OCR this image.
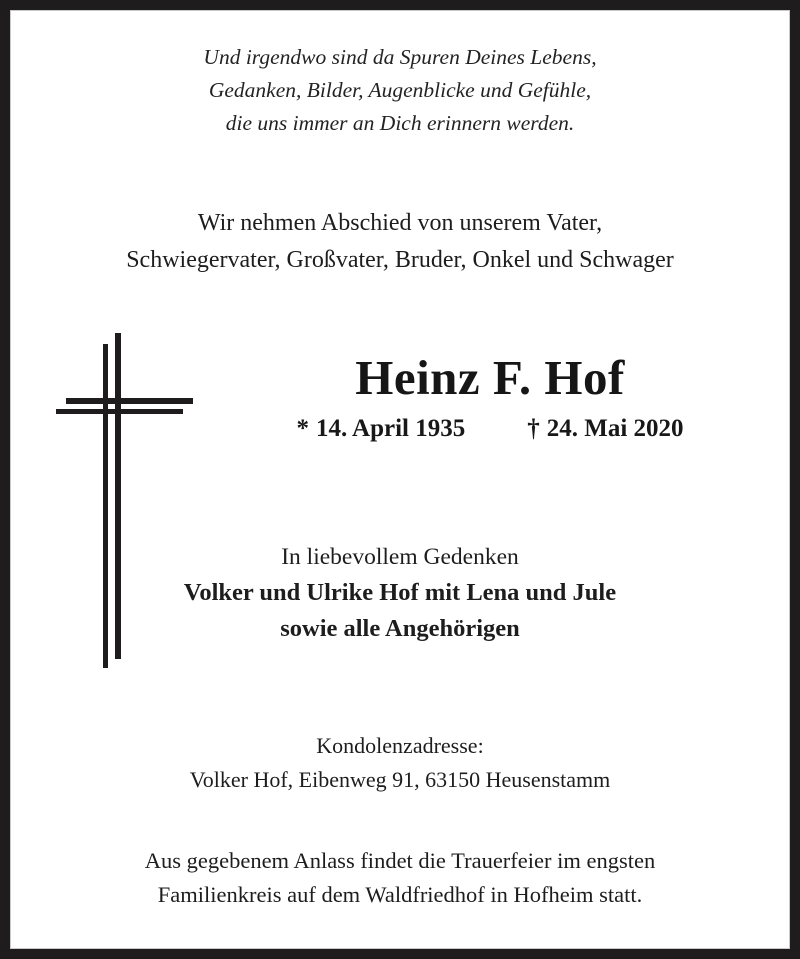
Und irgendwo sind da Spuren Deines Lebens,
Gedanken, Bilder, Augenblicke und Gefühle,
die uns immer an Dich erinnern werden.
Wir nehmen Abschied von unserem Vater,
Schwiegervater, Großvater, Bruder, Onkel und Schwager
Heinz F. Hof
* 14. April 1935 † 24. Mai 2020
In liebevollem Gedenken
Volker und Ulrike Hof mit Lena und Jule
sowie alle Angehörigen
Kondolenzadresse:
Volker Hof, Eibenweg 91, 63150 Heusenstamm
Aus gegebenem Anlass findet die Trauerfeier im engsten
Familienkreis auf dem Waldfriedhof in Hofheim statt.
